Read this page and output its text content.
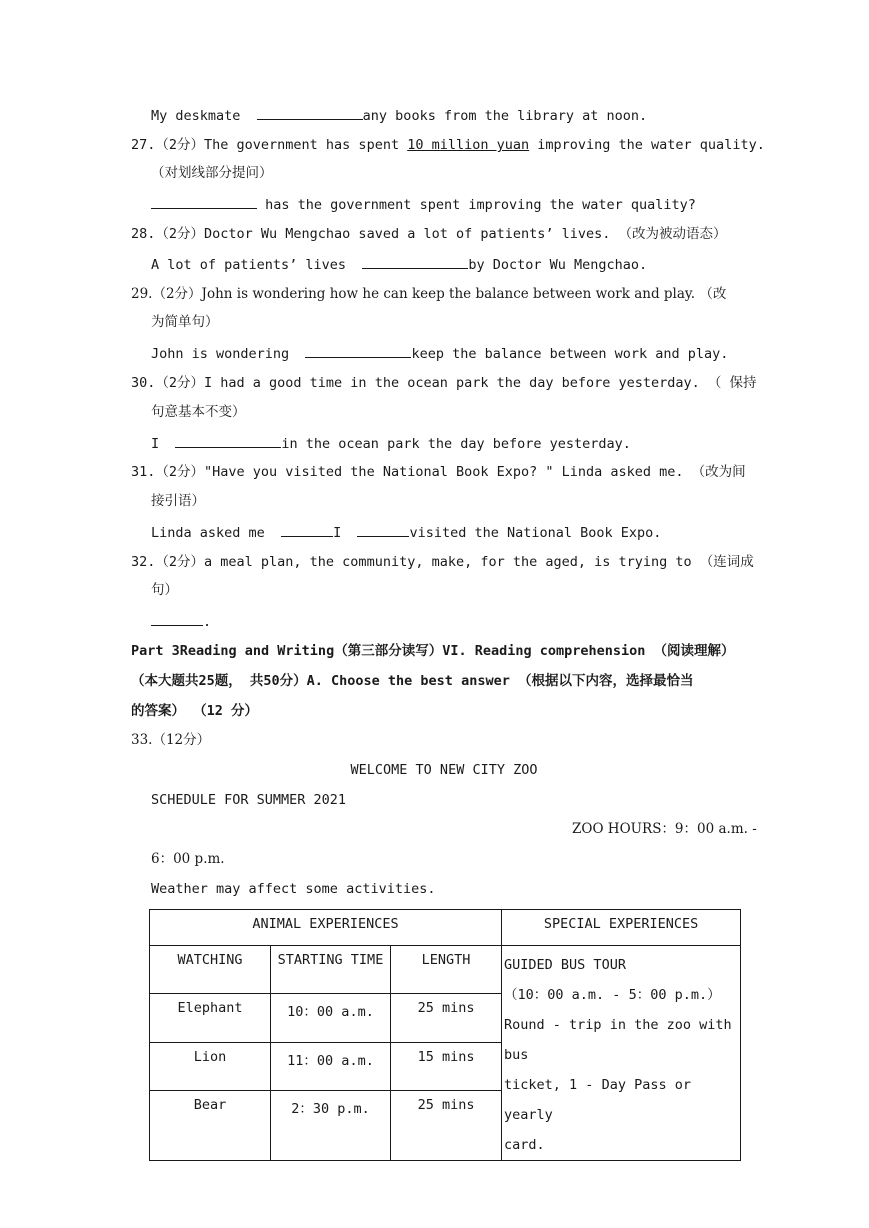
My deskmate	any books from the library at noon.
27.（2分）The government has spent 10 million yuan improving the water quality.
（对划线部分提问）
has the government spent improving the water quality?
28.（2分）Doctor Wu Mengchao saved a lot of patients’ lives. （改为被动语态）
A lot of patients’ lives	by Doctor Wu Mengchao.
29.（2分）John is wondering how he can keep the balance between work and play. （改
为简单句）
John is wondering	keep the balance between work and play.
30.（2分）I had a good time in the ocean park the day before yesterday. （ 保持
句意基本不变）
I	in the ocean park the day before yesterday.
31.（2分）"Have you visited the National Book Expo? " Linda asked me. （改为间
接引语）
Linda asked me	I	visited the National Book Expo.
32.（2分）a meal plan, the community, make, for the aged, is trying to （连词成
句）
.
Part 3Reading and Writing（第三部分读写）VI. Reading comprehension （阅读理解）
（本大题共25题， 共50分）A. Choose the best answer （根据以下内容，选择最恰当
的答案） （12 分）
33.（12分）
WELCOME TO NEW CITY ZOO
SCHEDULE FOR SUMMER 2021
ZOO HOURS：9：00 a.m. -
6：00 p.m.
Weather may affect some activities.
ANIMAL EXPERIENCES			SPECIAL EXPERIENCES

WATCHING	STARTING TIME	LENGTH	GUIDED BUS TOUR
（10：00 a.m. - 5：00 p.m.）
Round - trip in the zoo with bus
ticket, 1 - Day Pass or yearly
card.

Elephant	10：00 a.m.	25 mins	

Lion	11：00 a.m.	15 mins	

Bear	2：30 p.m.	25 mins	
